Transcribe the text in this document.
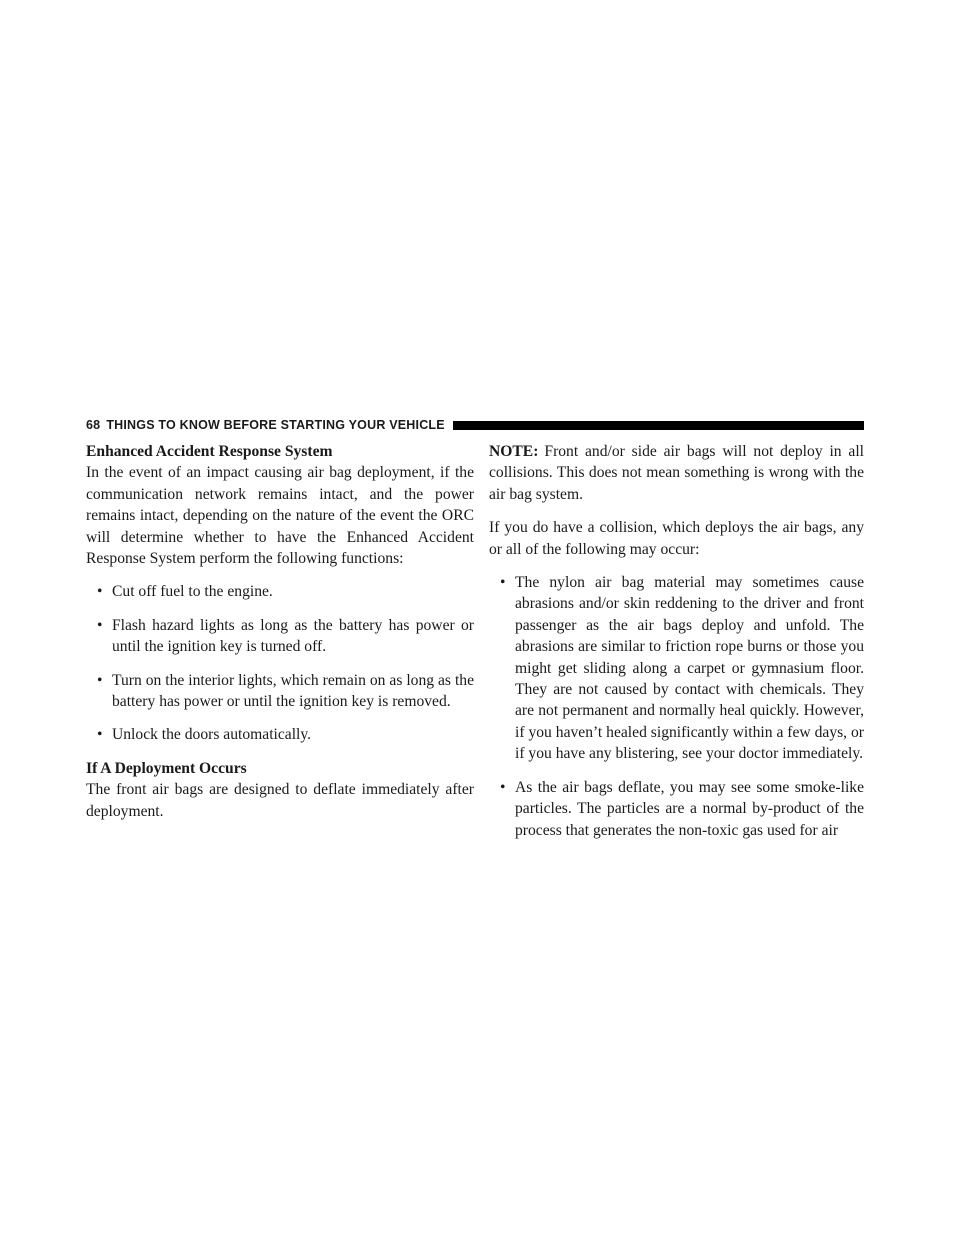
68 THINGS TO KNOW BEFORE STARTING YOUR VEHICLE

Enhanced Accident Response System

In the event of an impact causing air bag deployment, if the communication network remains intact, and the power remains intact, depending on the nature of the event the ORC will determine whether to have the Enhanced Accident Response System perform the following functions:

• Cut off fuel to the engine.
• Flash hazard lights as long as the battery has power or until the ignition key is turned off.
• Turn on the interior lights, which remain on as long as the battery has power or until the ignition key is removed.
• Unlock the doors automatically.

If A Deployment Occurs

The front air bags are designed to deflate immediately after deployment.

NOTE: Front and/or side air bags will not deploy in all collisions. This does not mean something is wrong with the air bag system.

If you do have a collision, which deploys the air bags, any or all of the following may occur:

• The nylon air bag material may sometimes cause abrasions and/or skin reddening to the driver and front passenger as the air bags deploy and unfold. The abrasions are similar to friction rope burns or those you might get sliding along a carpet or gymnasium floor. They are not caused by contact with chemicals. They are not permanent and normally heal quickly. However, if you haven’t healed significantly within a few days, or if you have any blistering, see your doctor immediately.
• As the air bags deflate, you may see some smoke-like particles. The particles are a normal by-product of the process that generates the non-toxic gas used for air
